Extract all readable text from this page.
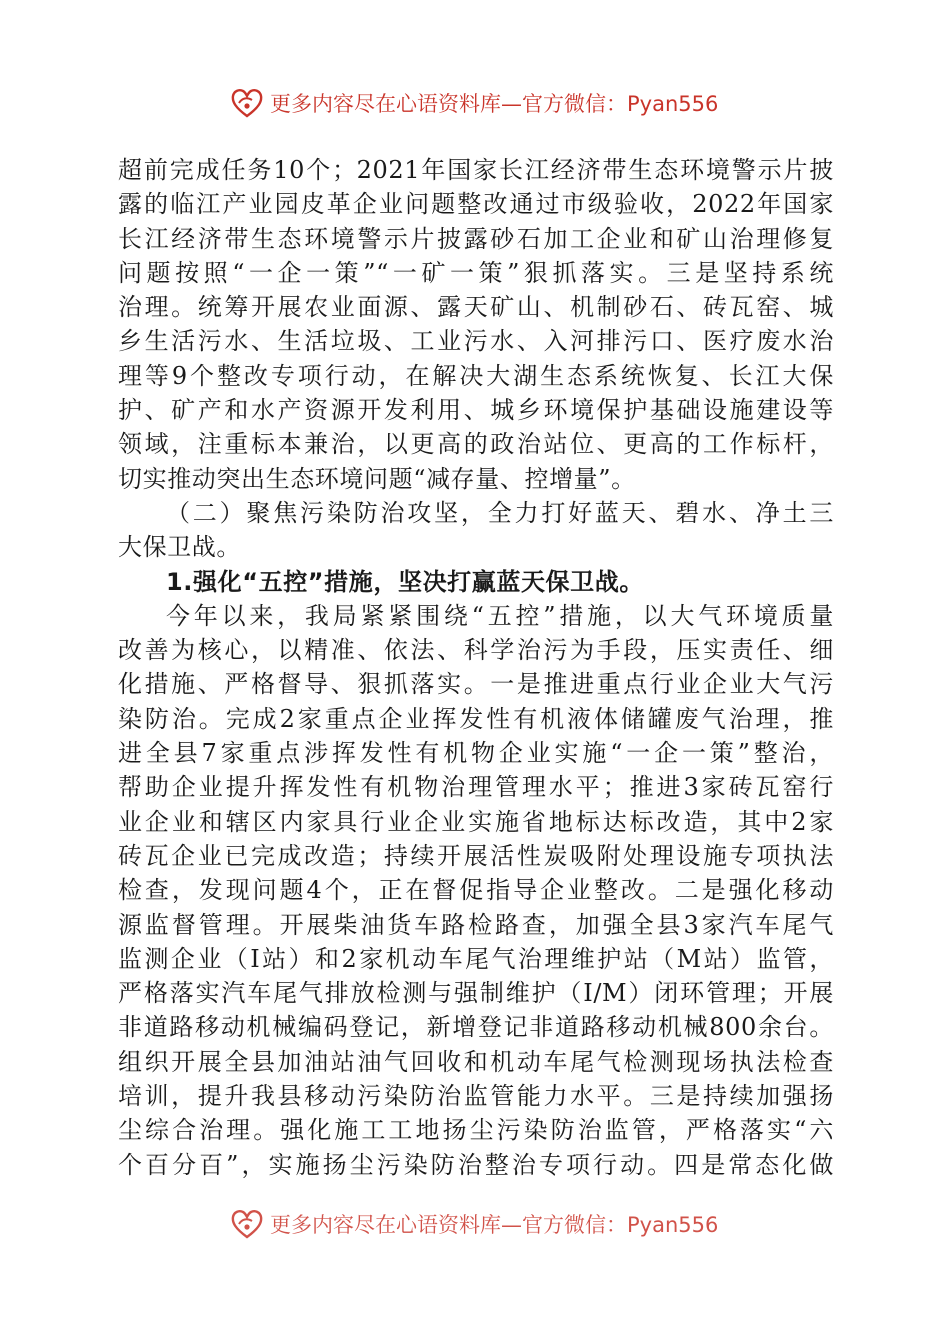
更多内容尽在心语资料库—官方微信：Pyan556
超前完成任务10个；2021年国家长江经济带生态环境警示片披
露的临江产业园皮革企业问题整改通过市级验收，2022年国家
长江经济带生态环境警示片披露砂石加工企业和矿山治理修复
问题按照“一企一策”“一矿一策”狠抓落实。三是坚持系统
治理。统筹开展农业面源、露天矿山、机制砂石、砖瓦窑、城
乡生活污水、生活垃圾、工业污水、入河排污口、医疗废水治
理等9个整改专项行动，在解决大湖生态系统恢复、长江大保
护、矿产和水产资源开发利用、城乡环境保护基础设施建设等
领域，注重标本兼治，以更高的政治站位、更高的工作标杆，
切实推动突出生态环境问题“减存量、控增量”。
（二）聚焦污染防治攻坚，全力打好蓝天、碧水、净土三
大保卫战。
1.强化“五控”措施，坚决打赢蓝天保卫战。
今年以来，我局紧紧围绕“五控”措施，以大气环境质量
改善为核心，以精准、依法、科学治污为手段，压实责任、细
化措施、严格督导、狠抓落实。一是推进重点行业企业大气污
染防治。完成2家重点企业挥发性有机液体储罐废气治理，推
进全县7家重点涉挥发性有机物企业实施“一企一策”整治，
帮助企业提升挥发性有机物治理管理水平；推进3家砖瓦窑行
业企业和辖区内家具行业企业实施省地标达标改造，其中2家
砖瓦企业已完成改造；持续开展活性炭吸附处理设施专项执法
检查，发现问题4个，正在督促指导企业整改。二是强化移动
源监督管理。开展柴油货车路检路查，加强全县3家汽车尾气
监测企业（I站）和2家机动车尾气治理维护站（M站）监管，
严格落实汽车尾气排放检测与强制维护（I/M）闭环管理；开展
非道路移动机械编码登记，新增登记非道路移动机械800余台。
组织开展全县加油站油气回收和机动车尾气检测现场执法检查
培训，提升我县移动污染防治监管能力水平。三是持续加强扬
尘综合治理。强化施工工地扬尘污染防治监管，严格落实“六
个百分百”，实施扬尘污染防治整治专项行动。四是常态化做
更多内容尽在心语资料库—官方微信：Pyan556
